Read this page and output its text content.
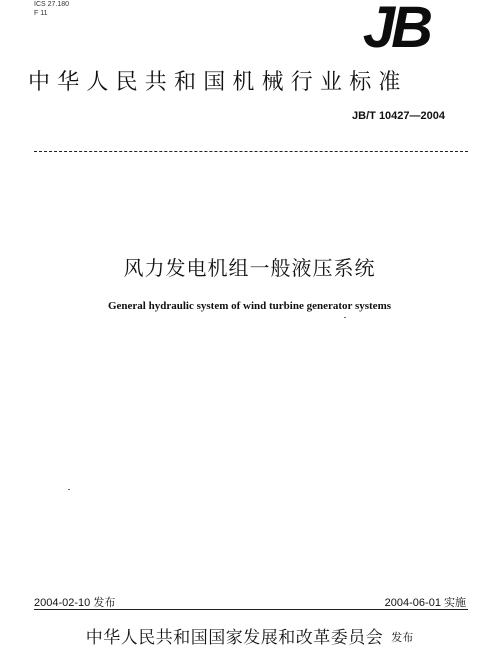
ICS 27.180
F 11	JB
中华人民共和国机械行业标准
JB/T 10427—2004
风力发电机组一般液压系统
General hydraulic system of wind turbine generator systems
2004-02-10 发布	2004-06-01 实施
中华人民共和国国家发展和改革委员会 发布
